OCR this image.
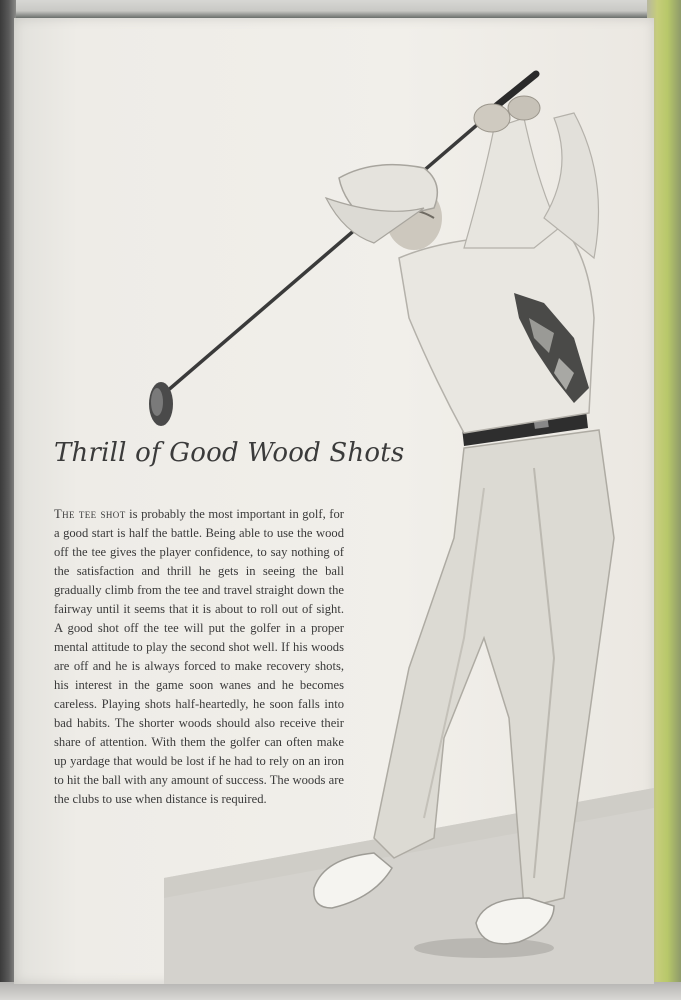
Thrill of Good Wood Shots
The tee shot is probably the most important in golf, for a good start is half the battle. Being able to use the wood off the tee gives the player confidence, to say nothing of the satisfaction and thrill he gets in seeing the ball gradually climb from the tee and travel straight down the fairway until it seems that it is about to roll out of sight. A good shot off the tee will put the golfer in a proper mental attitude to play the second shot well. If his woods are off and he is always forced to make recovery shots, his interest in the game soon wanes and he becomes careless. Playing shots half-heartedly, he soon falls into bad habits. The shorter woods should also receive their share of attention. With them the golfer can often make up yardage that would be lost if he had to rely on an iron to hit the ball with any amount of success. The woods are the clubs to use when distance is required.
